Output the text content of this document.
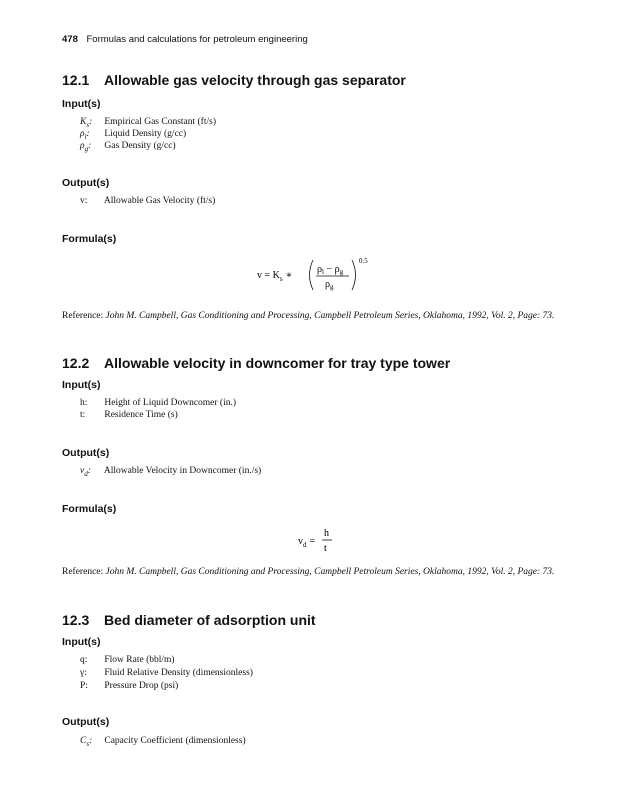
478 Formulas and calculations for petroleum engineering
12.1 Allowable gas velocity through gas separator
Input(s)
$K_s$: Empirical Gas Constant (ft/s)
$\rho_l$: Liquid Density (g/cc)
$\rho_g$: Gas Density (g/cc)
Output(s)
v: Allowable Gas Velocity (ft/s)
Formula(s)
$v = K_s$ ∗
$\rho_l - \rho_g$
$\rho_g$
0.5
Reference: John M. Campbell, Gas Conditioning and Processing, Campbell Petroleum Series, Oklahoma, 1992, Vol. 2, Page: 73.
12.2 Allowable velocity in downcomer for tray type tower
Input(s)
h: Height of Liquid Downcomer (in.)
t: Residence Time (s)
Output(s)
$v_d$: Allowable Velocity in Downcomer (in./s)
Formula(s)
$v_d$ =
h
t
Reference: John M. Campbell, Gas Conditioning and Processing, Campbell Petroleum Series, Oklahoma, 1992, Vol. 2, Page: 73.
12.3 Bed diameter of adsorption unit
Input(s)
q: Flow Rate (bbl/m)
γ: Fluid Relative Density (dimensionless)
P: Pressure Drop (psi)
Output(s)
$C_s$: Capacity Coefficient (dimensionless)
